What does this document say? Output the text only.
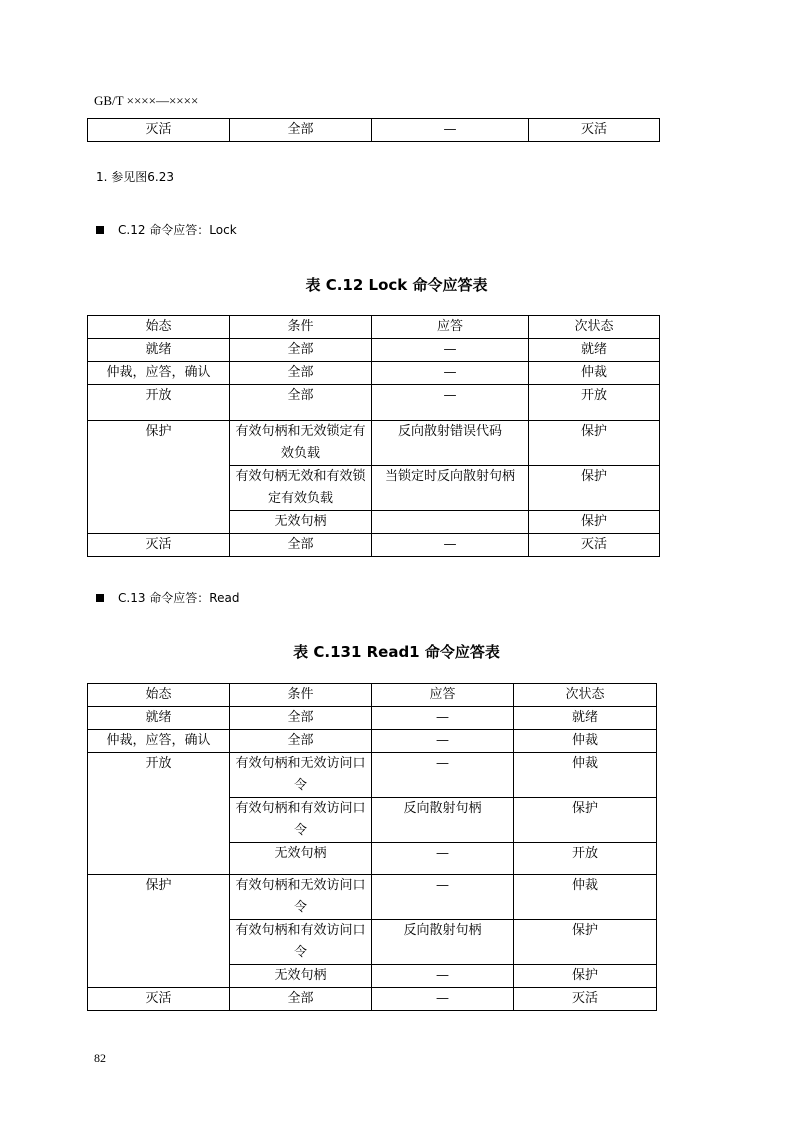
GB/T ××××—××××
灭活	全部	—	灭活
1. 参见图6.23
C.12 命令应答：Lock
表 C.12 Lock 命令应答表
始态	条件	应答	次状态
就绪	全部	—	就绪
仲裁，应答，确认	全部	—	仲裁
开放	全部	—	开放
保护	有效句柄和无效锁定有效负载	反向散射错误代码	保护
	有效句柄无效和有效锁定有效负载	当锁定时反向散射句柄	保护
	无效句柄		保护
灭活	全部	—	灭活
C.13 命令应答：Read
表 C.131 Read1 命令应答表
始态	条件	应答	次状态
就绪	全部	—	就绪
仲裁，应答，确认	全部	—	仲裁
开放	有效句柄和无效访问口令	—	仲裁
	有效句柄和有效访问口令	反向散射句柄	保护
	无效句柄	—	开放
保护	有效句柄和无效访问口令	—	仲裁
	有效句柄和有效访问口令	反向散射句柄	保护
	无效句柄	—	保护
灭活	全部	—	灭活
82
